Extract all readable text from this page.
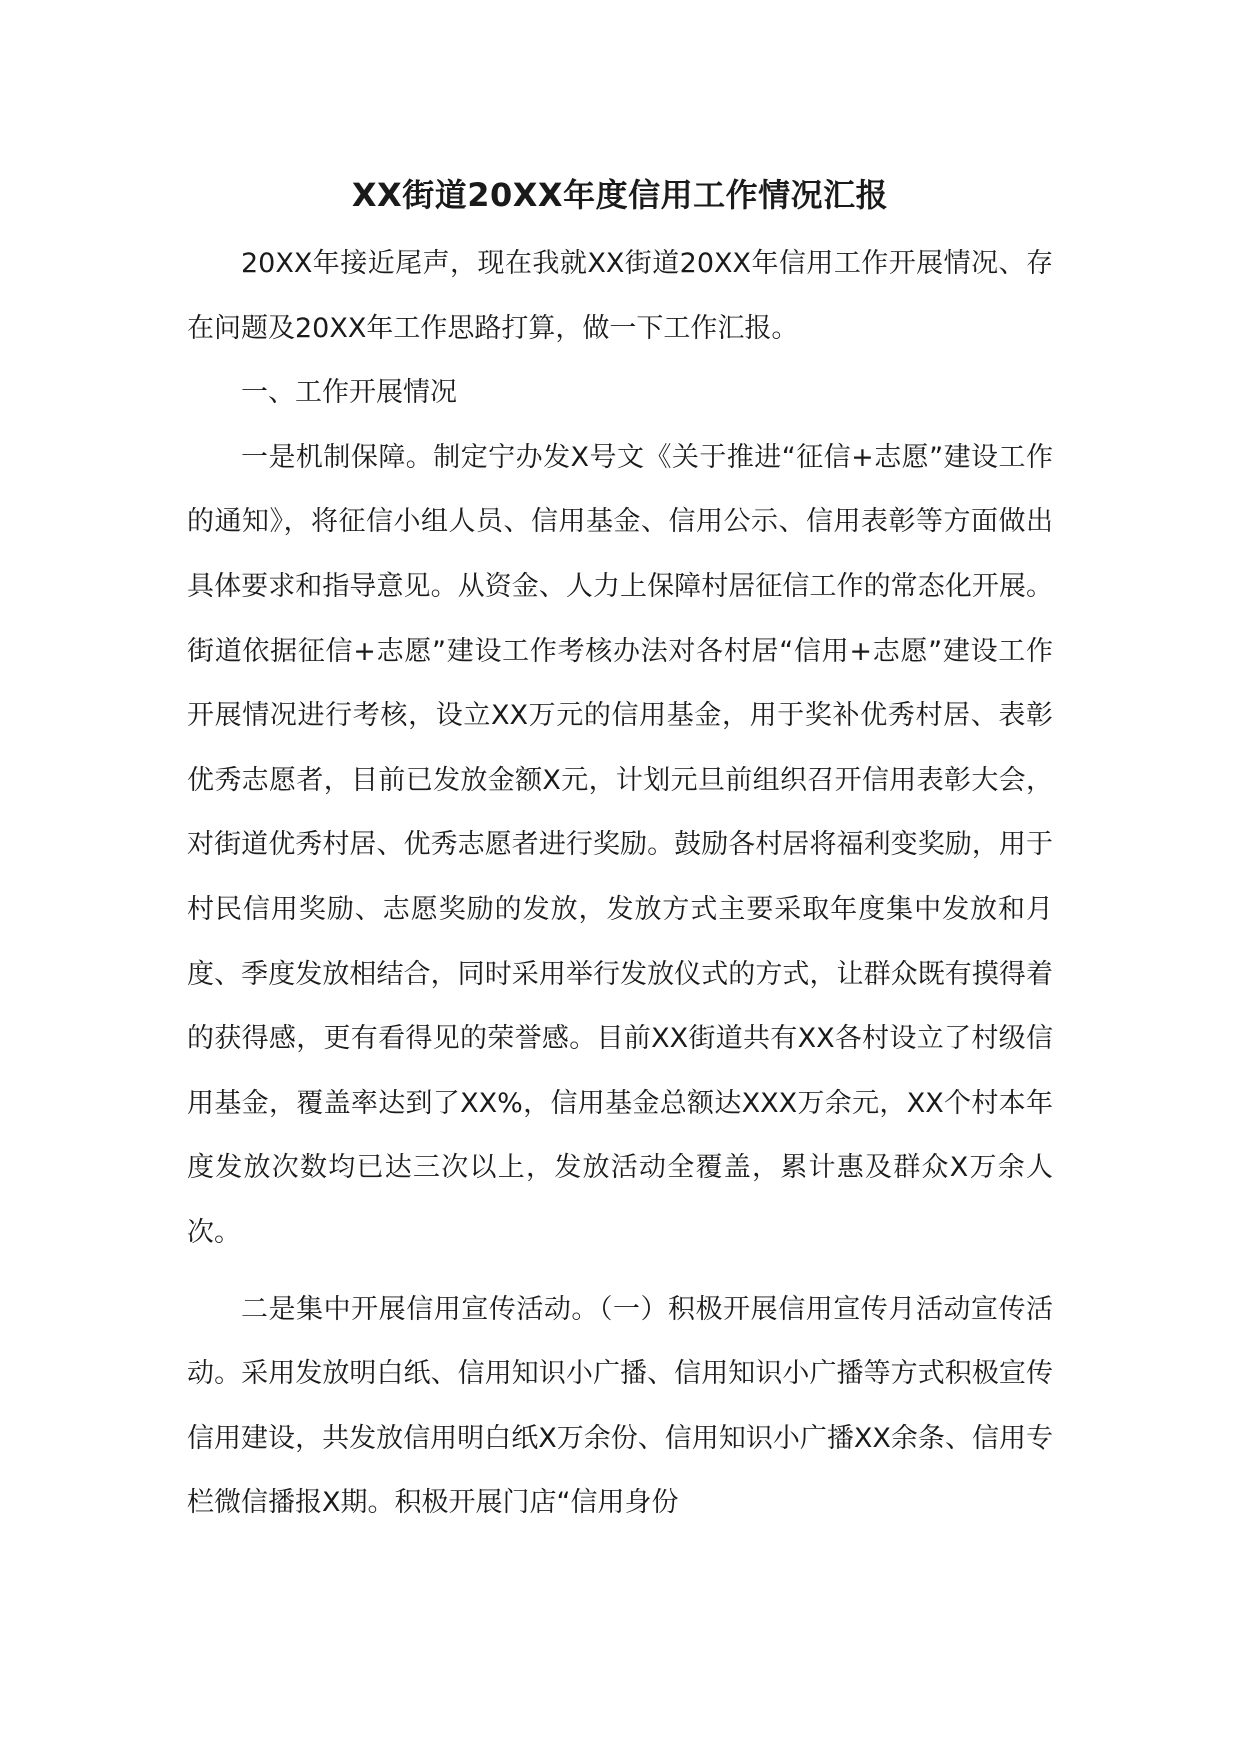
XX街道20XX年度信用工作情况汇报

20XX年接近尾声，现在我就XX街道20XX年信用工作开展情况、存在问题及20XX年工作思路打算，做一下工作汇报。

一、工作开展情况

一是机制保障。制定宁办发X号文《关于推进“征信+志愿”建设工作的通知》，将征信小组人员、信用基金、信用公示、信用表彰等方面做出具体要求和指导意见。从资金、人力上保障村居征信工作的常态化开展。街道依据征信+志愿”建设工作考核办法对各村居“信用+志愿”建设工作开展情况进行考核，设立XX万元的信用基金，用于奖补优秀村居、表彰优秀志愿者，目前已发放金额X元，计划元旦前组织召开信用表彰大会，对街道优秀村居、优秀志愿者进行奖励。鼓励各村居将福利变奖励，用于村民信用奖励、志愿奖励的发放，发放方式主要采取年度集中发放和月度、季度发放相结合，同时采用举行发放仪式的方式，让群众既有摸得着的获得感，更有看得见的荣誉感。目前XX街道共有XX各村设立了村级信用基金，覆盖率达到了XX%，信用基金总额达XXX万余元，XX个村本年度发放次数均已达三次以上，发放活动全覆盖，累计惠及群众X万余人次。

二是集中开展信用宣传活动。（一）积极开展信用宣传月活动宣传活动。采用发放明白纸、信用知识小广播、信用知识小广播等方式积极宣传信用建设，共发放信用明白纸X万余份、信用知识小广播XX余条、信用专栏微信播报X期。积极开展门店“信用身份
